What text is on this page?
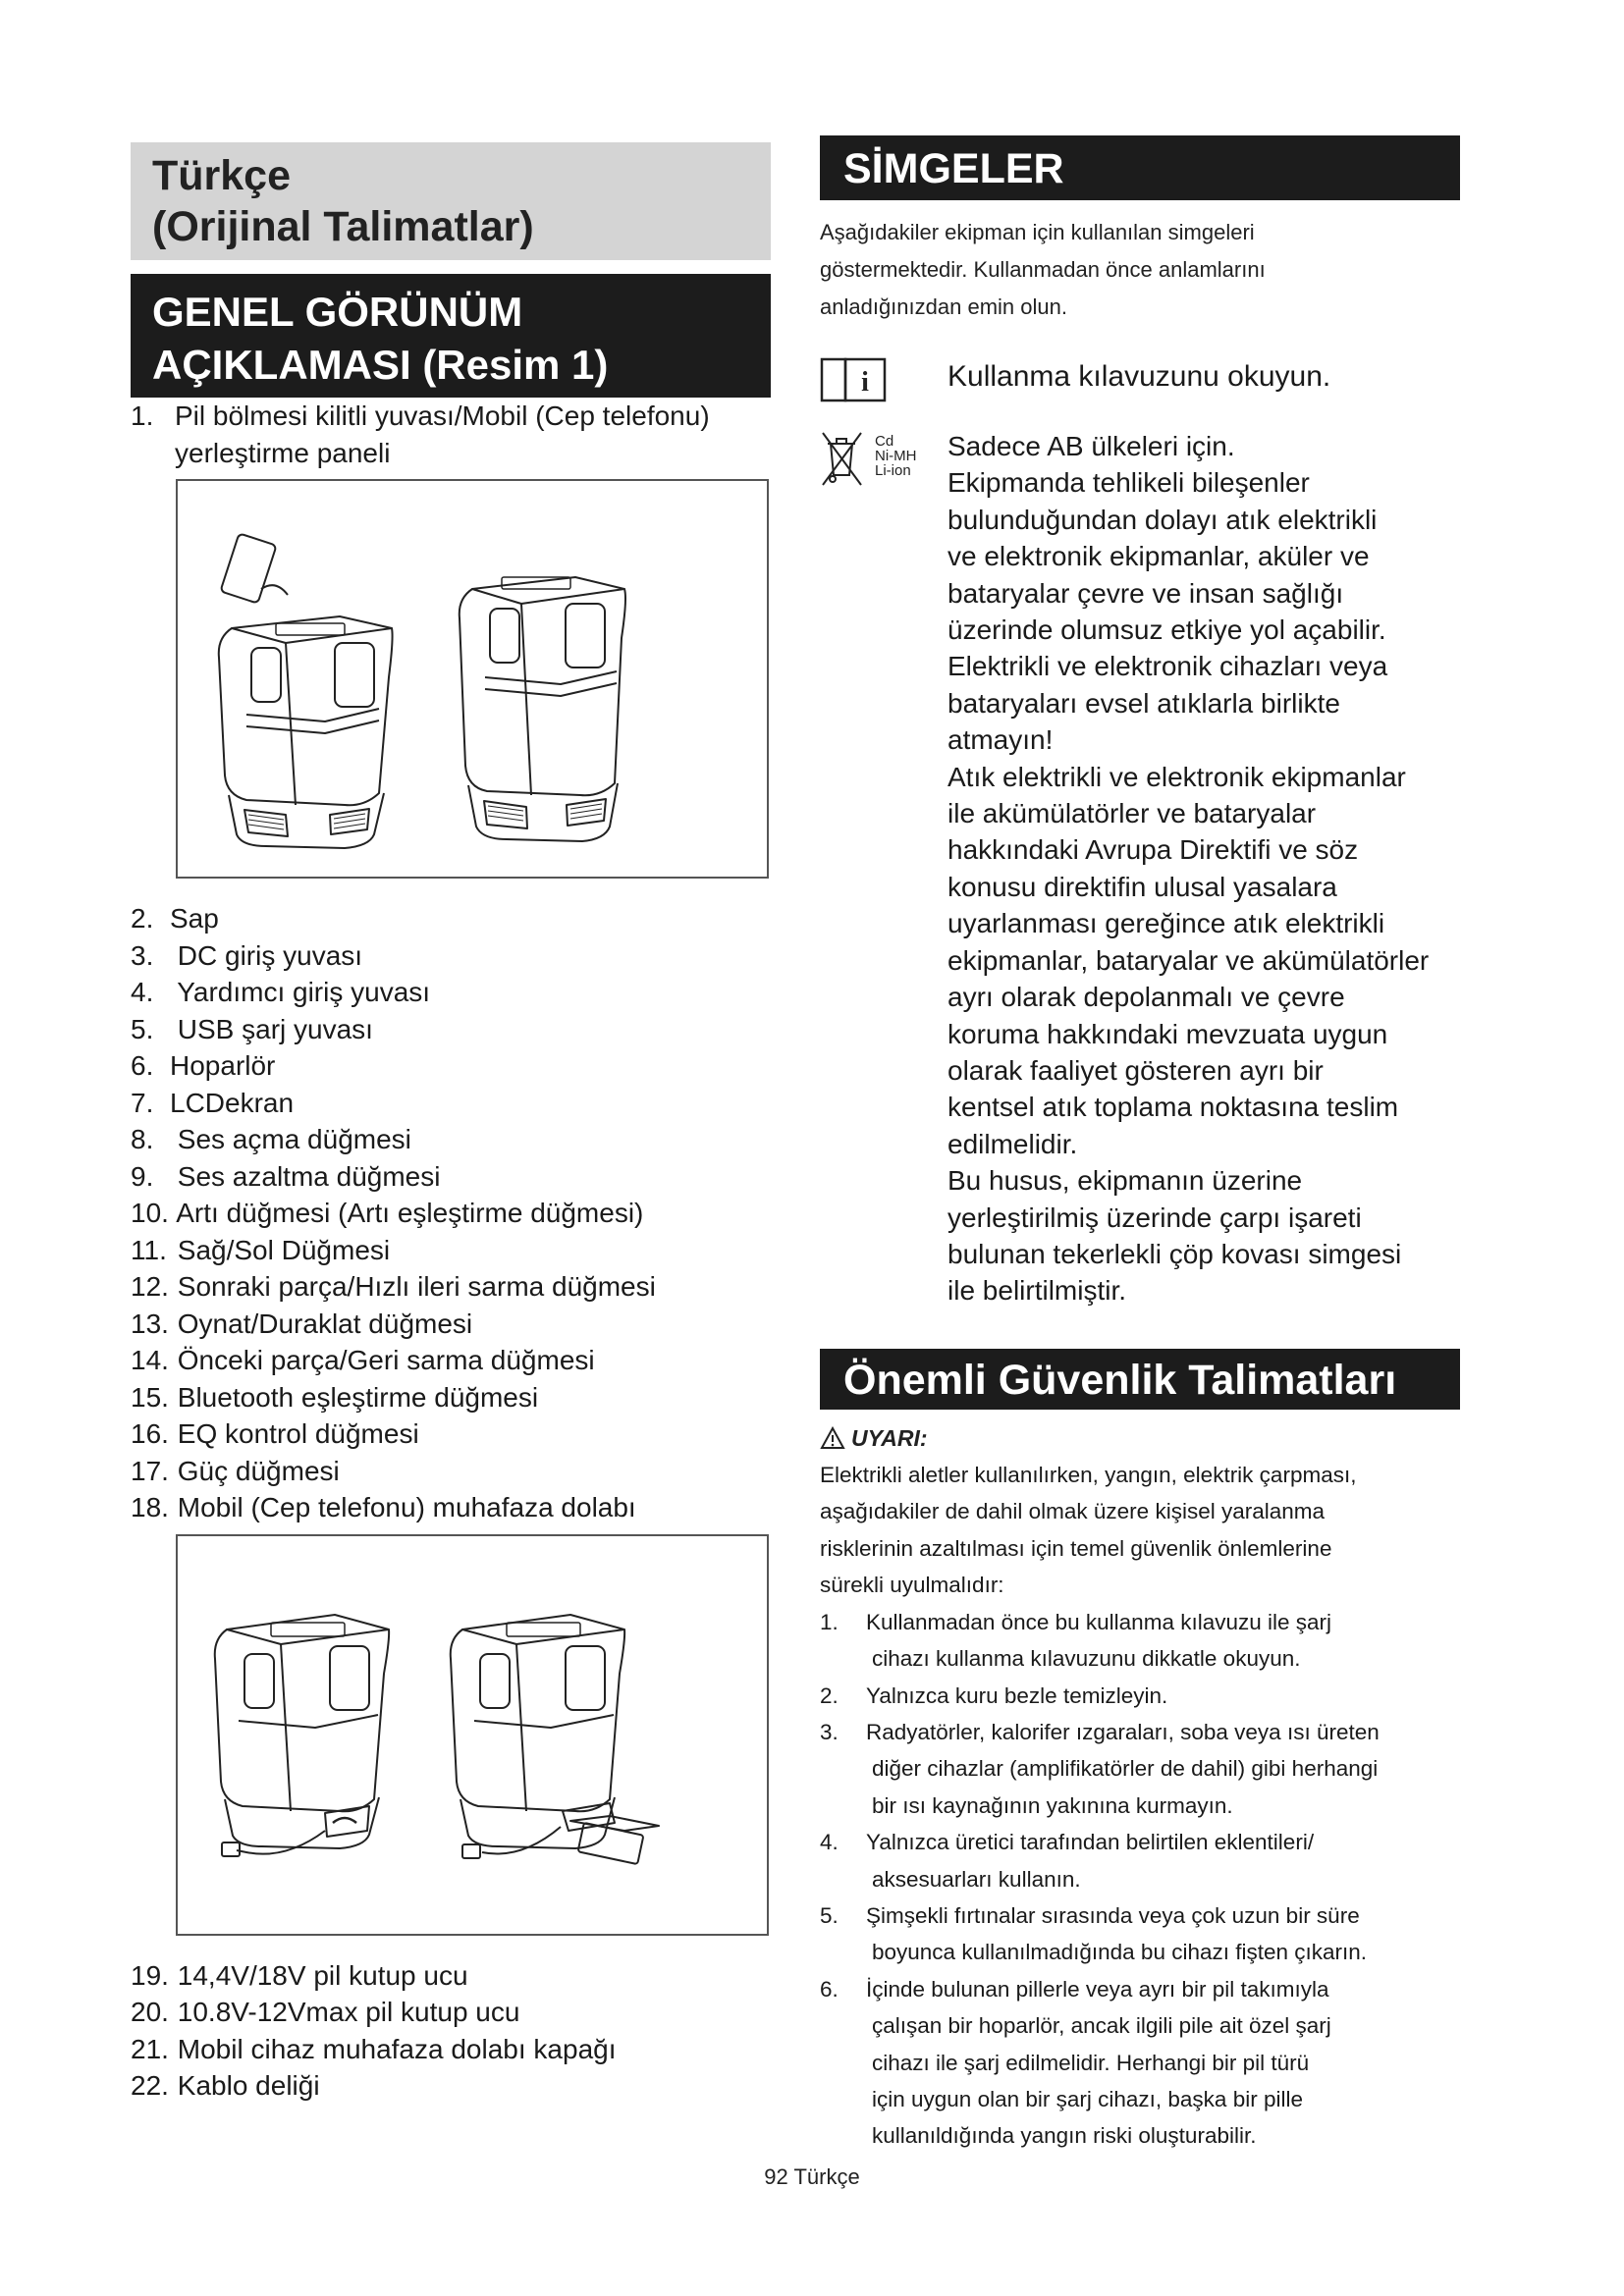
Türkçe
(Orijinal Talimatlar)
GENEL GÖRÜNÜM
AÇIKLAMASI (Resim 1)
1. Pil bölmesi kilitli yuvası/Mobil (Cep telefonu)
yerleştirme paneli
2. Sap
3. DC giriş yuvası
4. Yardımcı giriş yuvası
5. USB şarj yuvası
6. Hoparlör
7. LCDekran
8. Ses açma düğmesi
9. Ses azaltma düğmesi
10. Artı düğmesi (Artı eşleştirme düğmesi)
11. Sağ/Sol Düğmesi
12. Sonraki parça/Hızlı ileri sarma düğmesi
13. Oynat/Duraklat düğmesi
14. Önceki parça/Geri sarma düğmesi
15. Bluetooth eşleştirme düğmesi
16. EQ kontrol düğmesi
17. Güç düğmesi
18. Mobil (Cep telefonu) muhafaza dolabı
19. 14,4V/18V pil kutup ucu
20. 10.8V-12Vmax pil kutup ucu
21. Mobil cihaz muhafaza dolabı kapağı
22. Kablo deliği
SİMGELER
Aşağıdakiler ekipman için kullanılan simgeleri
göstermektedir. Kullanmadan önce anlamlarını
anladığınızdan emin olun.
i	Kullanma kılavuzunu okuyun.
Cd
Ni-MH
Li-ion
Sadece AB ülkeleri için.
Ekipmanda tehlikeli bileşenler
bulunduğundan dolayı atık elektrikli
ve elektronik ekipmanlar, aküler ve
bataryalar çevre ve insan sağlığı
üzerinde olumsuz etkiye yol açabilir.
Elektrikli ve elektronik cihazları veya
bataryaları evsel atıklarla birlikte
atmayın!
Atık elektrikli ve elektronik ekipmanlar
ile akümülatörler ve bataryalar
hakkındaki Avrupa Direktifi ve söz
konusu direktifin ulusal yasalara
uyarlanması gereğince atık elektrikli
ekipmanlar, bataryalar ve akümülatörler
ayrı olarak depolanmalı ve çevre
koruma hakkındaki mevzuata uygun
olarak faaliyet gösteren ayrı bir
kentsel atık toplama noktasına teslim
edilmelidir.
Bu husus, ekipmanın üzerine
yerleştirilmiş üzerinde çarpı işareti
bulunan tekerlekli çöp kovası simgesi
ile belirtilmiştir.
Önemli Güvenlik Talimatları
UYARI:
Elektrikli aletler kullanılırken, yangın, elektrik çarpması,
aşağıdakiler de dahil olmak üzere kişisel yaralanma
risklerinin azaltılması için temel güvenlik önlemlerine
sürekli uyulmalıdır:
1. Kullanmadan önce bu kullanma kılavuzu ile şarj
cihazı kullanma kılavuzunu dikkatle okuyun.
2. Yalnızca kuru bezle temizleyin.
3. Radyatörler, kalorifer ızgaraları, soba veya ısı üreten
diğer cihazlar (amplifikatörler de dahil) gibi herhangi
bir ısı kaynağının yakınına kurmayın.
4. Yalnızca üretici tarafından belirtilen eklentileri/
aksesuarları kullanın.
5. Şimşekli fırtınalar sırasında veya çok uzun bir süre
boyunca kullanılmadığında bu cihazı fişten çıkarın.
6. İçinde bulunan pillerle veya ayrı bir pil takımıyla
çalışan bir hoparlör, ancak ilgili pile ait özel şarj
cihazı ile şarj edilmelidir. Herhangi bir pil türü
için uygun olan bir şarj cihazı, başka bir pille
kullanıldığında yangın riski oluşturabilir.
92 Türkçe
